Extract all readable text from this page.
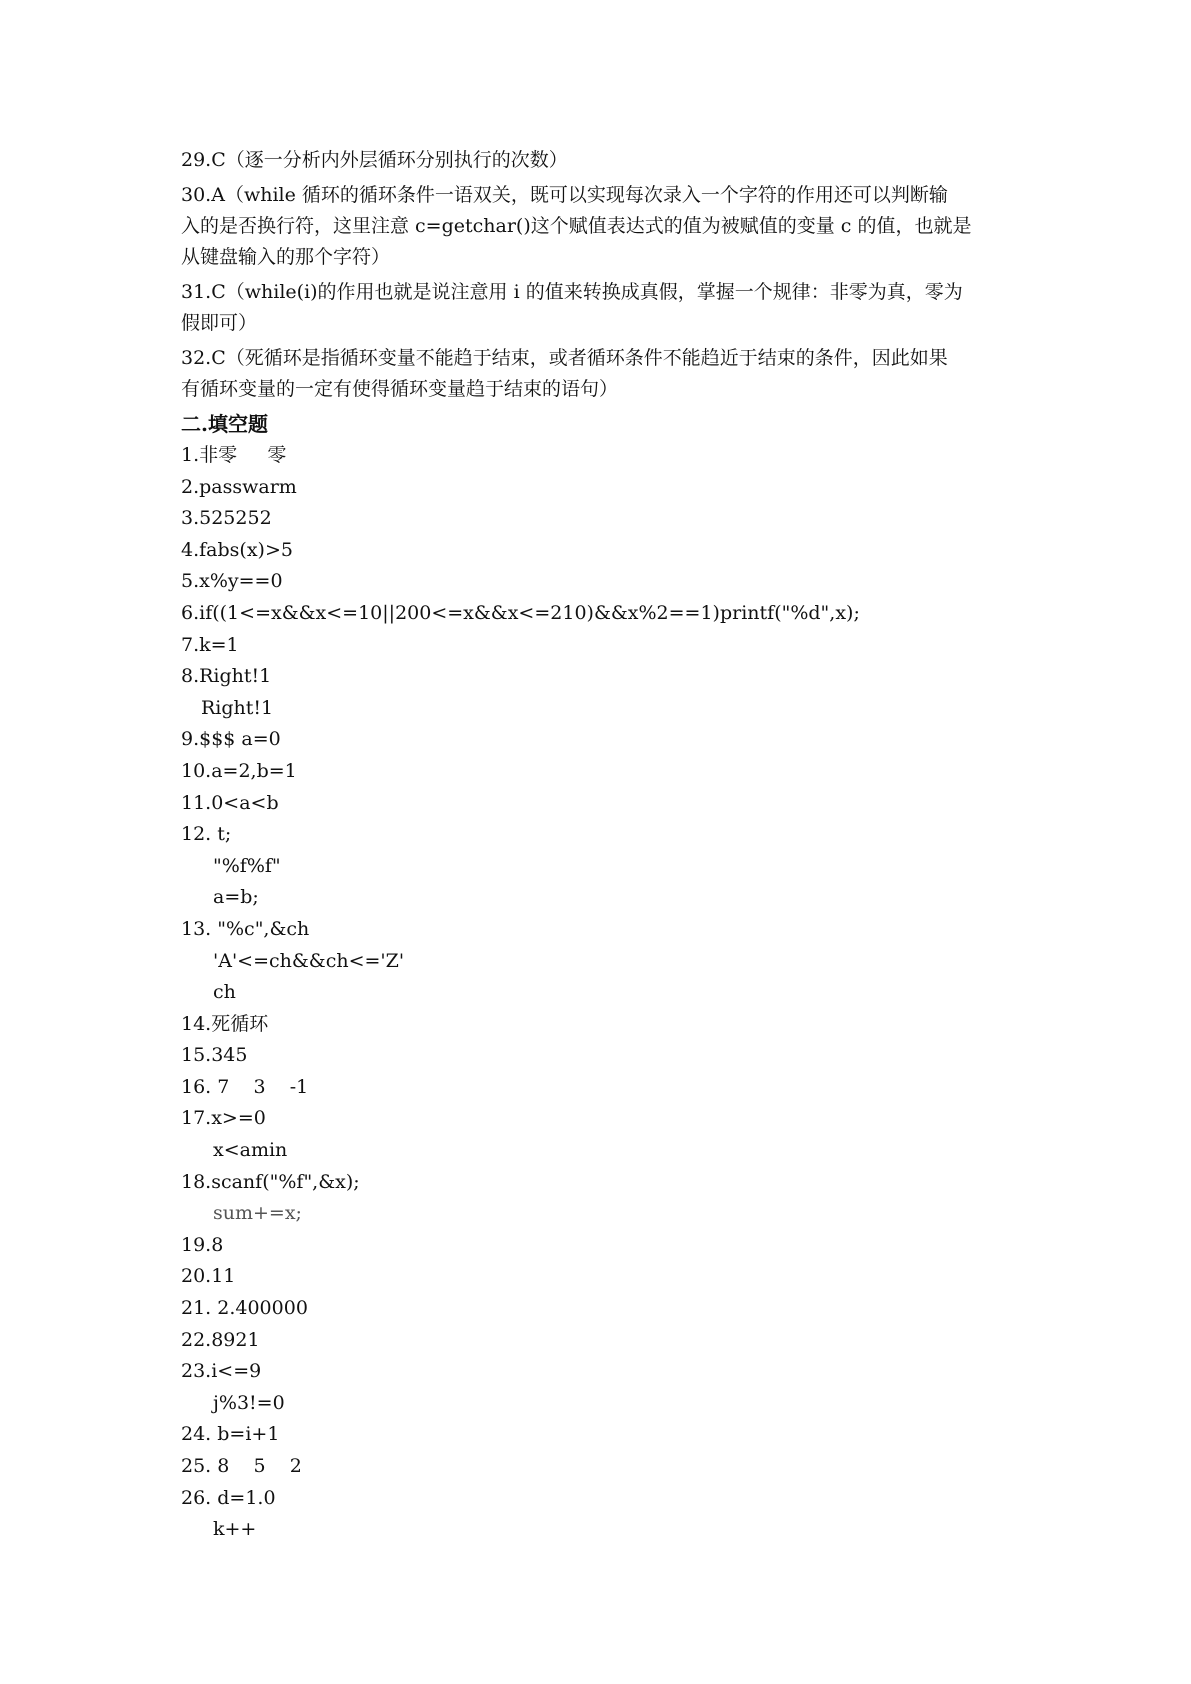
29.C（逐一分析内外层循环分别执行的次数）

30.A（while 循环的循环条件一语双关，既可以实现每次录入一个字符的作用还可以判断输
入的是否换行符，这里注意 c=getchar()这个赋值表达式的值为被赋值的变量 c 的值，也就是
从键盘输入的那个字符）

31.C（while(i)的作用也就是说注意用 i 的值来转换成真假，掌握一个规律：非零为真，零为
假即可）

32.C（死循环是指循环变量不能趋于结束，或者循环条件不能趋近于结束的条件，因此如果
有循环变量的一定有使得循环变量趋于结束的语句）

二.填空题

1.非零     零
2.passwarm
3.525252
4.fabs(x)>5
5.x%y==0
6.if((1<=x&&x<=10||200<=x&&x<=210)&&x%2==1)printf("%d",x);
7.k=1
8.Right!1
Right!1
9.$$$ a=0
10.a=2,b=1
11.0<a<b
12. t;
"%f%f"
a=b;
13. "%c",&ch
'A'<=ch&&ch<='Z'
ch
14.死循环
15.345
16. 7    3    -1
17.x>=0
x<amin
18.scanf("%f",&x);
sum+=x;
19.8
20.11
21. 2.400000
22.8921
23.i<=9
j%3!=0
24. b=i+1
25. 8    5    2
26. d=1.0
k++
